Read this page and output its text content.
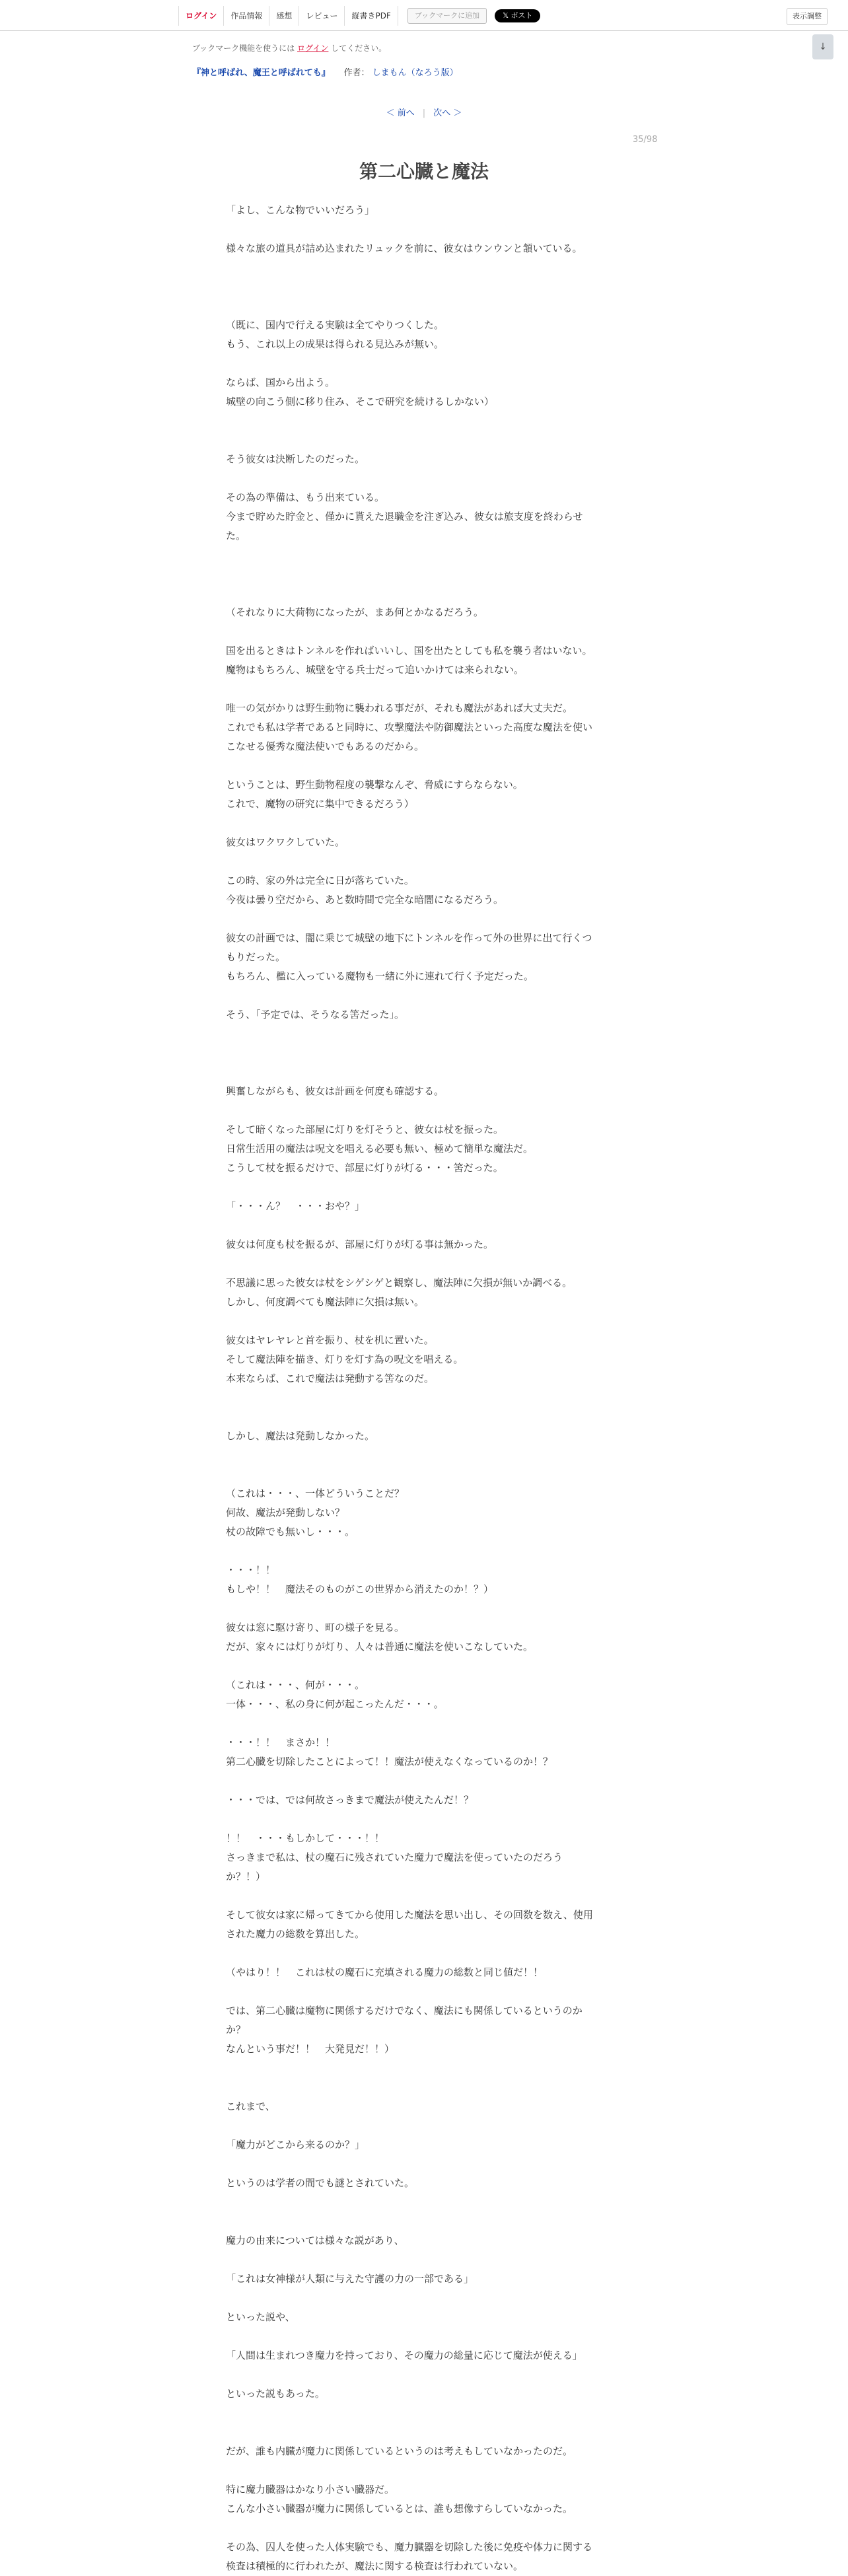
ログイン	作品情報	感想	レビュー	縦書きPDF	ブックマークに追加	𝕏 ポスト	表示調整
↓
ブックマーク機能を使うには ログイン してください。
『神と呼ばれ、魔王と呼ばれても』 作者： しまもん（なろう版）
＜ 前へ | 次へ ＞
35/98
第二心臓と魔法
「よし、こんな物でいいだろう」
様々な旅の道具が詰め込まれたリュックを前に、彼女はウンウンと頷いている。
（既に、国内で行える実験は全てやりつくした。
もう、これ以上の成果は得られる見込みが無い。
ならば、国から出よう。
城壁の向こう側に移り住み、そこで研究を続けるしかない）
そう彼女は決断したのだった。
その為の準備は、もう出来ている。
今まで貯めた貯金と、僅かに貰えた退職金を注ぎ込み、彼女は旅支度を終わらせ
た。
（それなりに大荷物になったが、まあ何とかなるだろう。
国を出るときはトンネルを作ればいいし、国を出たとしても私を襲う者はいない。
魔物はもちろん、城壁を守る兵士だって追いかけては来られない。
唯一の気がかりは野生動物に襲われる事だが、それも魔法があれば大丈夫だ。
これでも私は学者であると同時に、攻撃魔法や防御魔法といった高度な魔法を使い
こなせる優秀な魔法使いでもあるのだから。
ということは、野生動物程度の襲撃なんぞ、脅威にすらならない。
これで、魔物の研究に集中できるだろう）
彼女はワクワクしていた。
この時、家の外は完全に日が落ちていた。
今夜は曇り空だから、あと数時間で完全な暗闇になるだろう。
彼女の計画では、闇に乗じて城壁の地下にトンネルを作って外の世界に出て行くつ
もりだった。
もちろん、檻に入っている魔物も一緒に外に連れて行く予定だった。
そう、「予定では、そうなる筈だった」。
興奮しながらも、彼女は計画を何度も確認する。
そして暗くなった部屋に灯りを灯そうと、彼女は杖を振った。
日常生活用の魔法は呪文を唱える必要も無い、極めて簡単な魔法だ。
こうして杖を振るだけで、部屋に灯りが灯る・・・筈だった。
「・・・ん？　・・・おや？」
彼女は何度も杖を振るが、部屋に灯りが灯る事は無かった。
不思議に思った彼女は杖をシゲシゲと観察し、魔法陣に欠損が無いか調べる。
しかし、何度調べても魔法陣に欠損は無い。
彼女はヤレヤレと首を振り、杖を机に置いた。
そして魔法陣を描き、灯りを灯す為の呪文を唱える。
本来ならば、これで魔法は発動する筈なのだ。
しかし、魔法は発動しなかった。
（これは・・・、一体どういうことだ？
何故、魔法が発動しない？
杖の故障でも無いし・・・。
・・・！！
もしや！！　魔法そのものがこの世界から消えたのか！？）
彼女は窓に駆け寄り、町の様子を見る。
だが、家々には灯りが灯り、人々は普通に魔法を使いこなしていた。
（これは・・・、何が・・・。
一体・・・、私の身に何が起こったんだ・・・。
・・・！！　まさか！！
第二心臓を切除したことによって！！魔法が使えなくなっているのか！？
・・・では、では何故さっきまで魔法が使えたんだ！？
！！　・・・もしかして・・・！！
さっきまで私は、杖の魔石に残されていた魔力で魔法を使っていたのだろう
か？！）
そして彼女は家に帰ってきてから使用した魔法を思い出し、その回数を数え、使用
された魔力の総数を算出した。
（やはり！！　これは杖の魔石に充填される魔力の総数と同じ値だ！！
では、第二心臓は魔物に関係するだけでなく、魔法にも関係しているというのか
か？
なんという事だ！！　大発見だ！！）
これまで、
「魔力がどこから来るのか？」
というのは学者の間でも謎とされていた。
魔力の由来については様々な説があり、
「これは女神様が人類に与えた守護の力の一部である」
といった説や、
「人間は生まれつき魔力を持っており、その魔力の総量に応じて魔法が使える」
といった説もあった。
だが、誰も内臓が魔力に関係しているというのは考えもしていなかったのだ。
特に魔力臓器はかなり小さい臓器だ。
こんな小さい臓器が魔力に関係しているとは、誰も想像すらしていなかった。
その為、囚人を使った人体実験でも、魔力臓器を切除した後に免疫や体力に関する
検査は積極的に行われたが、魔法に関する検査は行われていない。
